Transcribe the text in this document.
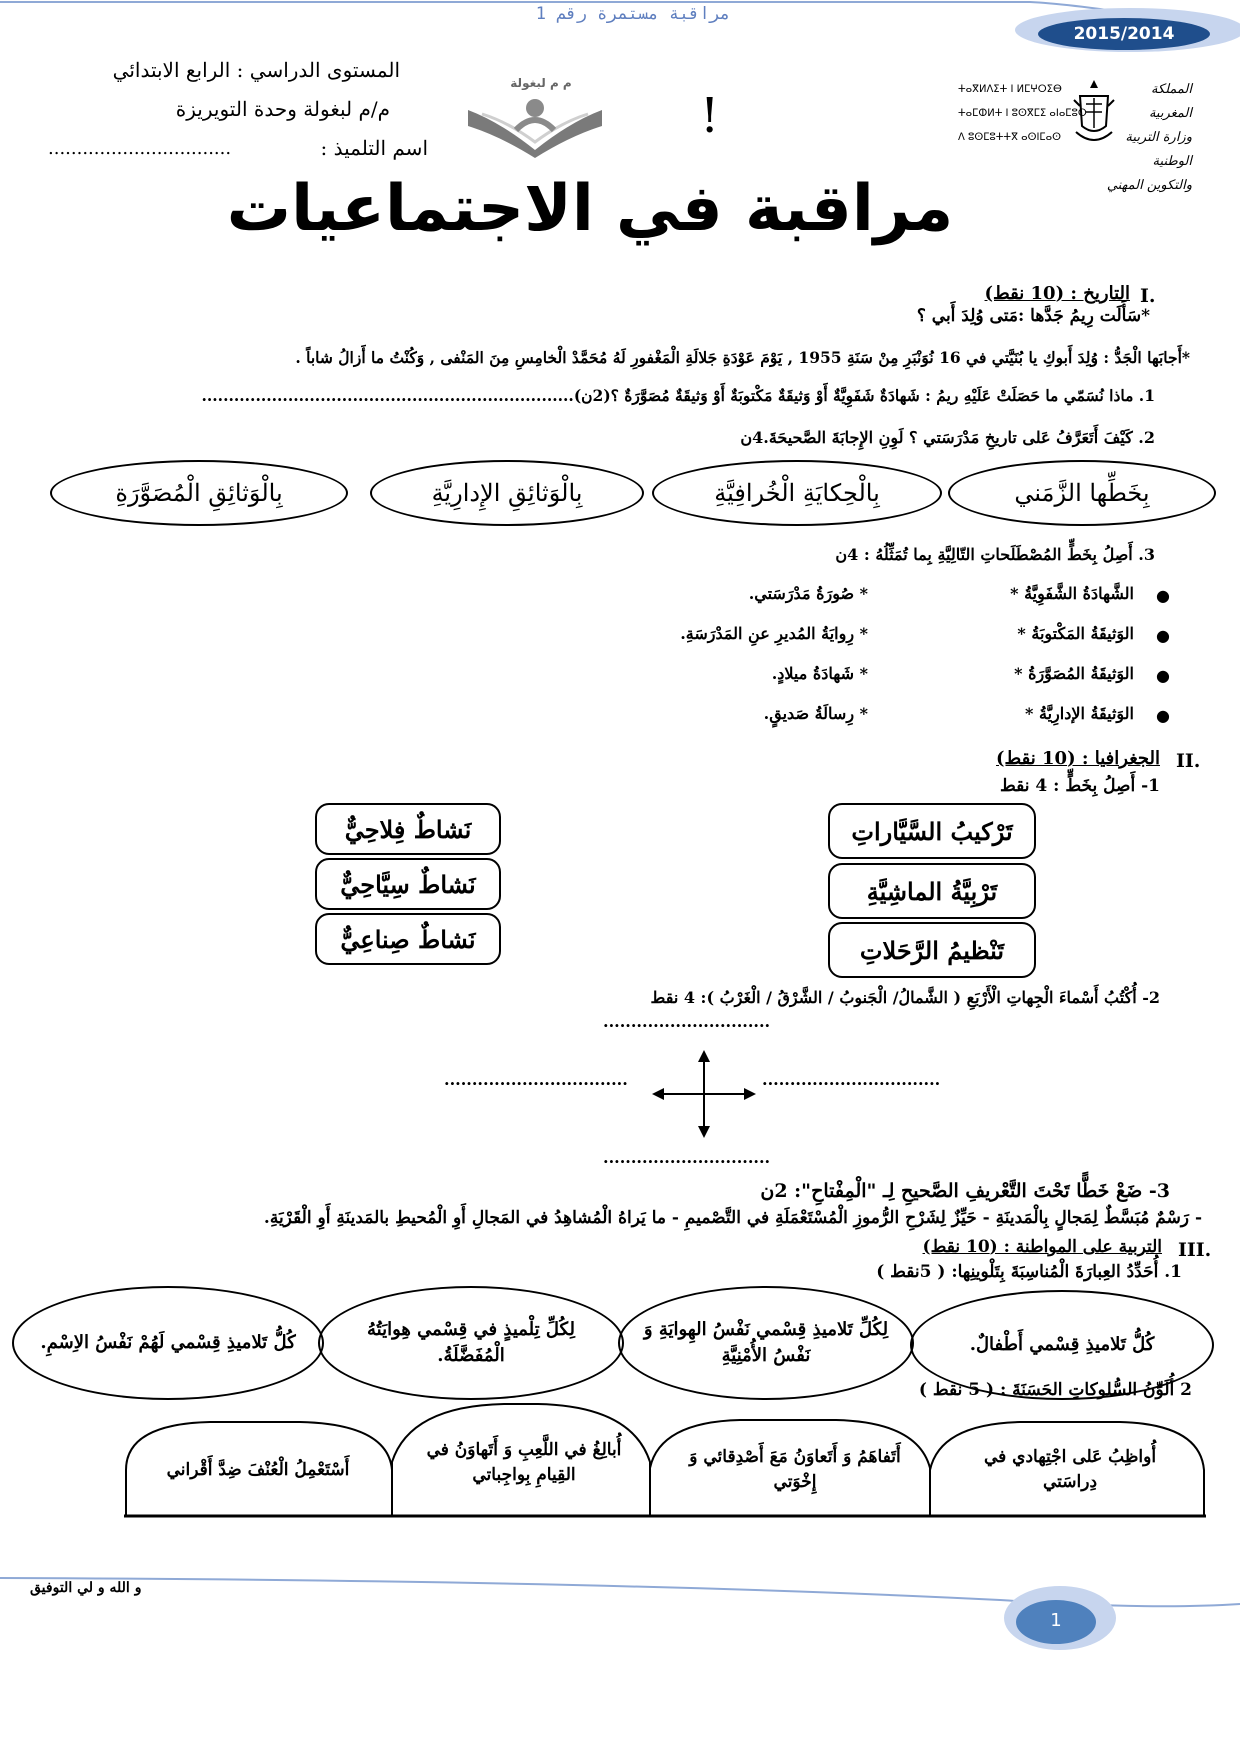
مراقبة مستمرة رقم 1
2015/2014
المستوى الدراسي : الرابع الابتدائي
م/م لبغولة وحدة التويريزة
................................	اسم التلميذ :
م م لبغولة
!	ⵜⴰⴳⵍⴷⵉⵜ ⵏ ⵍⵎⵖⵔⵉⴱ
ⵜⴰⵎⵀⵍⵜ ⵏ ⵓⵙⴳⵎⵉ ⴰⵏⴰⵎⵓⵔ
ⴷ ⵓⵙⵎⵓⵜⵜⴳ ⴰⵙⵏⵎⴰⵙ
المملكة المغربية
وزارة التربية الوطنية
والتكوين المهني
مراقبة في الاجتماعيات
I.
التاريخ : (10 نقط)
*سَأَلَت رِيمُ جَدَّها :مَتى وُلِدَ أَبي ؟
*أَجابَها الْجَدُّ : وُلِدَ أَبوكِ يا بُنَيَّتي في 16 نُوَنْبَرِ مِنْ سَنَةِ 1955 , يَوْمَ عَوْدَةِ جَلالَةِ الْمَغْفورِ لَهُ مُحَمَّدْ الْخامِسِ مِنَ المَنْفى , وَكُنْتُ ما أَزالُ شاباً .
1. ماذا نُسَمّي ما حَصَلَتْ عَلَيْهِ ريمُ : شَهادَةٌ شَفَوِيَّةٌ أَوْ وَثيقَةٌ مَكْتوبَةٌ أَوْ وَثيقَةٌ مُصَوَّرَةٌ ؟(2ن).....................................................................
2. كَيْفَ أَتَعَرَّفُ عَلى تاريخِ مَدْرَسَتي ؟ لَوِنِ الإِجابَةَ الصَّحيحَةَ.4ن
بِخَطِّها الزَّمَني
بِالْحِكايَةِ الْخُرافِيَّةِ
بِالْوَثائِقِ الإِدارِيَّةِ
بِالْوَثائِقِ الْمُصَوَّرَةِ
3. أَصِلُ بِخَطٍّ المُصْطَلَحاتِ التّالِيَّةِ بِما تُمَثِّلُهُ : 4ن
●
●
●
●
الشَّهادَةُ الشَّفَوِيَّةُ *
الوَثيقَةُ المَكْتوبَةُ *
الوَثيقَةُ المُصَوَّرَةُ *
الوَثيقَةُ الإدارِيَّةُ *
* صُورَةُ مَدْرَسَتي.
* رِوايَةُ المُديرِ عنِ المَدْرَسَةِ.
* شَهادَةُ ميلادٍ.
* رِسالَةُ صَديقٍ.
II.
الجغرافيا : (10 نقط)
1- أَصِلُ بِخَطٍّ : 4 نقط
نَشاطٌ فِلاحِيٌّ
نَشاطٌ سِيَّاحِيٌّ
نَشاطٌ صِناعِيٌّ
تَرْكيبُ السَّيَّاراتِ
تَرْبِيَّةُ الماشِيَّةِ
تَنْظيمُ الرَّحَلاتِ
2- أُكْتُبُ أَسْماءَ الْجِهاتِ الْأَرْبَعِ ( الشَّمالُ/ الْجَنوبُ / الشَّرْقُ / الْغَرْبُ ): 4 نقط
..............................
.................................	................................
..............................
3- ضَعْ خَطًّا تَحْتَ التَّعْريفِ الصَّحيحِ لِـ "الْمِفْتاحِ": 2ن
- رَسْمٌ مُبَسَّطٌ لِمَجالٍ بِالْمَدينَةِ - حَيِّزٌ لِشَرْحِ الرُّموزِ الْمُسْتَعْمَلَةِ في التَّصْميمِ - ما يَراهُ الْمُشاهِدُ في المَجالِ أَوِ الْمُحيطِ بالمَدينَةِ أَوِ الْقَرْيَةِ.
III.
التربية على المواطنة : (10 نقط)
1. أُحَدِّدُ العِبارَةَ الْمُناسِبَةَ بِتَلْوينِها: ( 5نقط )
كُلُّ تَلاميذِ قِسْمي أَطْفالٌ.
لِكُلِّ تَلاميذِ قِسْمي نَفْسُ الهِوايَةِ وَ نَفْسُ الأُمْنِيَّةِ
لِكُلِّ تِلْميذٍ في قِسْمي هِوايَتُهُ الْمُفَضَّلَةُ.
كُلُّ تَلاميذِ قِسْمي لَهُمْ نَفْسُ الاِسْمِ.
2 أُلَوِّنُ السُّلوكاتِ الحَسَنَةَ : ( 5 نقط )
أُواظِبُ عَلى اجْتِهادي في دِراسَتي
أَتَفاهَمُ وَ أَتَعاوَنُ مَعَ أَصْدِقائي وَ إِخْوَتي
أُبالِغُ في اللَّعِبِ وَ أَتَهاوَنُ في القِيامِ بِواجِباتي
أَسْتَعْمِلُ الْعُنْفَ ضِدَّ أَقْراني
و الله و لي التوفيق
1
